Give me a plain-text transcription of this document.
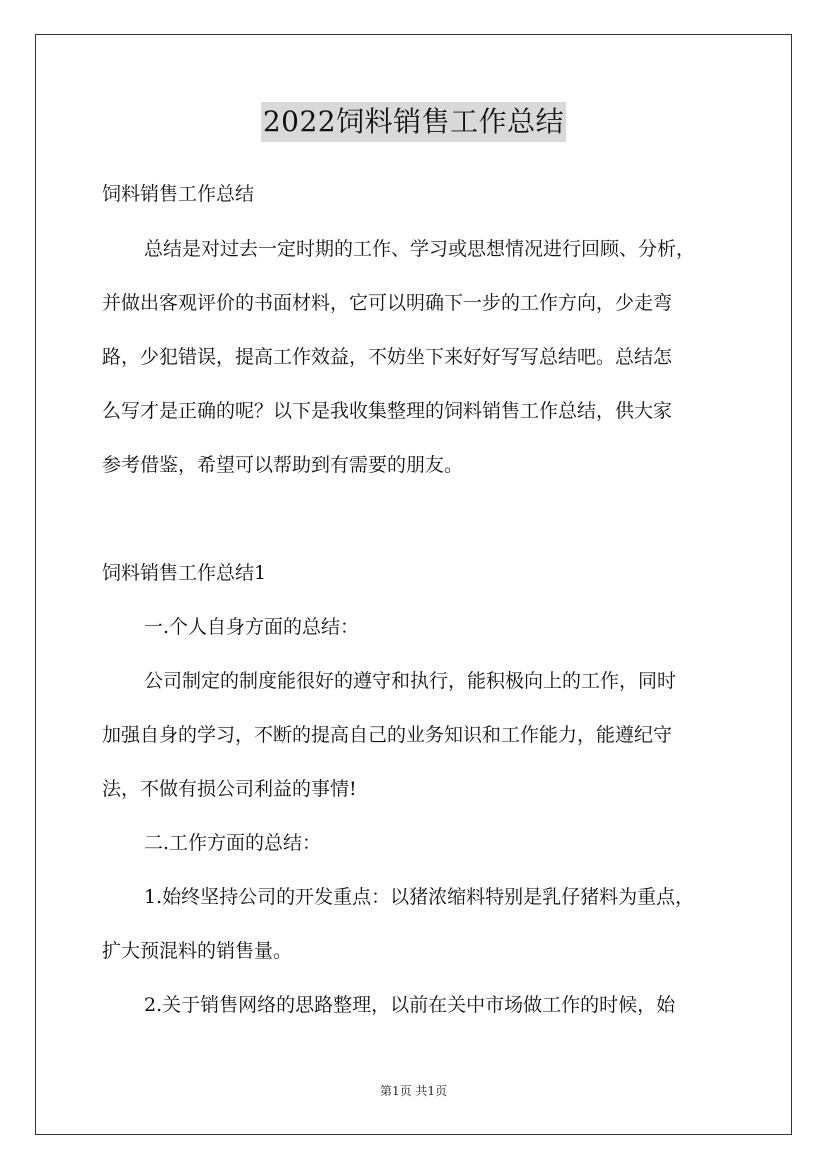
2022饲料销售工作总结
饲料销售工作总结
总结是对过去一定时期的工作、学习或思想情况进行回顾、分析，
并做出客观评价的书面材料，它可以明确下一步的工作方向，少走弯
路，少犯错误，提高工作效益，不妨坐下来好好写写总结吧。总结怎
么写才是正确的呢？以下是我收集整理的饲料销售工作总结，供大家
参考借鉴，希望可以帮助到有需要的朋友。
饲料销售工作总结1
一.个人自身方面的总结：
公司制定的制度能很好的遵守和执行，能积极向上的工作，同时
加强自身的学习，不断的提高自己的业务知识和工作能力，能遵纪守
法，不做有损公司利益的事情!
二.工作方面的总结：
1.始终坚持公司的开发重点：以猪浓缩料特别是乳仔猪料为重点，
扩大预混料的销售量。
2.关于销售网络的思路整理，以前在关中市场做工作的时候，始
第1页 共1页
